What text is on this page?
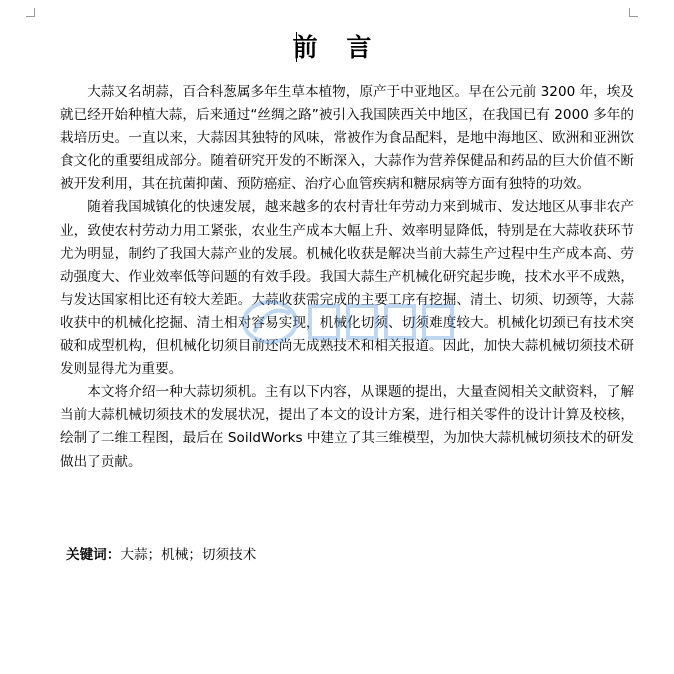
前 言

大蒜又名胡蒜，百合科葱属多年生草本植物，原产于中亚地区。早在公元前 3200 年，埃及就已经开始种植大蒜，后来通过“丝绸之路”被引入我国陕西关中地区，在我国已有 2000 多年的栽培历史。一直以来，大蒜因其独特的风味，常被作为食品配料，是地中海地区、欧洲和亚洲饮食文化的重要组成部分。随着研究开发的不断深入，大蒜作为营养保健品和药品的巨大价值不断被开发利用，其在抗菌抑菌、预防癌症、治疗心血管疾病和糖尿病等方面有独特的功效。

随着我国城镇化的快速发展，越来越多的农村青壮年劳动力来到城市、发达地区从事非农产业，致使农村劳动力用工紧张，农业生产成本大幅上升、效率明显降低，特别是在大蒜收获环节尤为明显，制约了我国大蒜产业的发展。机械化收获是解决当前大蒜生产过程中生产成本高、劳动强度大、作业效率低等问题的有效手段。我国大蒜生产机械化研究起步晚，技术水平不成熟，与发达国家相比还有较大差距。大蒜收获需完成的主要工序有挖掘、清土、切须、切颈等，大蒜收获中的机械化挖掘、清土相对容易实现，机械化切须、切须难度较大。机械化切颈已有技术突破和成型机构，但机械化切须目前还尚无成熟技术和相关报道。因此，加快大蒜机械切须技术研发则显得尤为重要。

本文将介绍一种大蒜切须机。主有以下内容，从课题的提出，大量查阅相关文献资料，了解当前大蒜机械切须技术的发展状况，提出了本文的设计方案，进行相关零件的设计计算及校核，绘制了二维工程图，最后在 SoildWorks 中建立了其三维模型，为加快大蒜机械切须技术的研发做出了贡献。

关键词：大蒜；机械；切须技术
